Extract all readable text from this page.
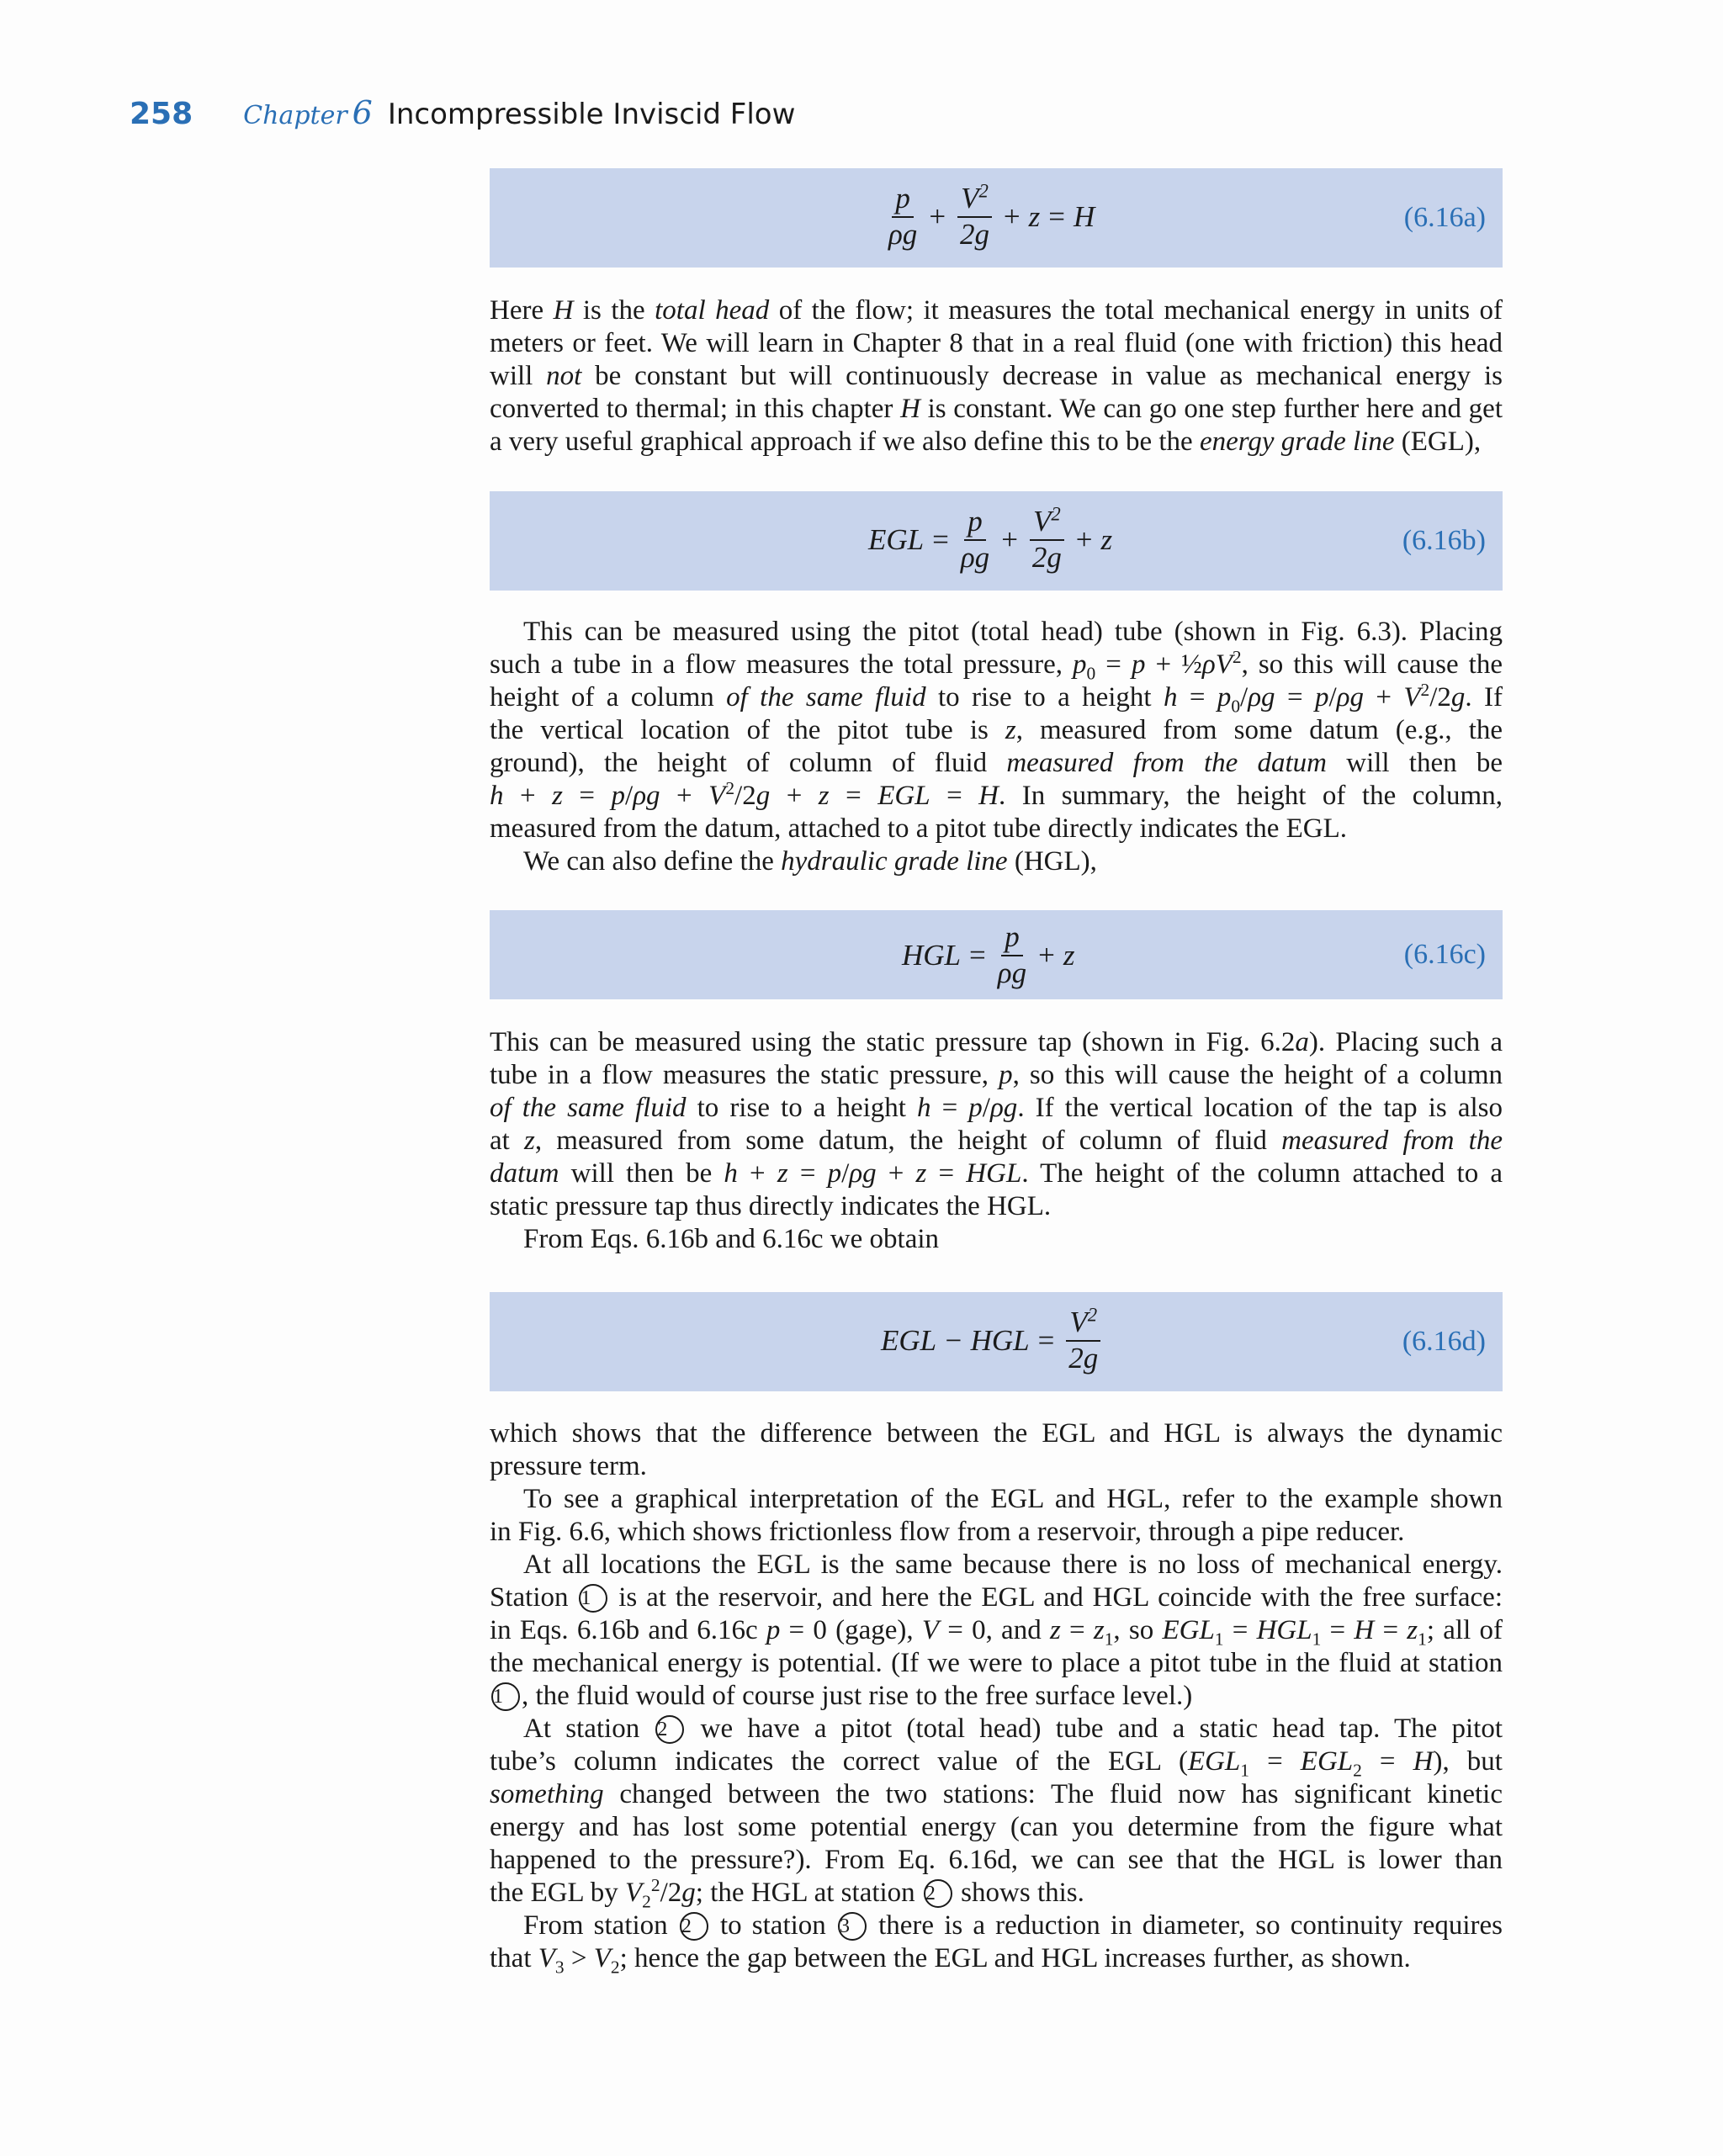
258 Chapter 6 Incompressible Inviscid Flow
$\frac{p}{\rho g} + \frac{V^2}{2g} + z = H$	(6.16a)
Here H is the total head of the flow; it measures the total mechanical energy in units of
meters or feet. We will learn in Chapter 8 that in a real fluid (one with friction) this head
will not be constant but will continuously decrease in value as mechanical energy is
converted to thermal; in this chapter H is constant. We can go one step further here and get
a very useful graphical approach if we also define this to be the energy grade line (EGL),
EGL = $\frac{p}{\rho g} + \frac{V^2}{2g} + z$	(6.16b)
This can be measured using the pitot (total head) tube (shown in Fig. 6.3). Placing
such a tube in a flow measures the total pressure, $p_0 = p$ + $\frac{1}{2}\rho V^2$, so this will cause the
height of a column of the same fluid to rise to a height $h = p_0/\rho g = p/\rho g + V^2/2g$. If
the vertical location of the pitot tube is z, measured from some datum (e.g., the
ground), the height of column of fluid measured from the datum will then be
$h + z = p/\rho g + V^2/2g + z$ = EGL = H. In summary, the height of the column,
measured from the datum, attached to a pitot tube directly indicates the EGL.
We can also define the hydraulic grade line (HGL),
HGL = $\frac{p}{\rho g} + z$	(6.16c)
This can be measured using the static pressure tap (shown in Fig. 6.2a). Placing such a
tube in a flow measures the static pressure, p, so this will cause the height of a column
of the same fluid to rise to a height h = p/ρg. If the vertical location of the tap is also
at z, measured from some datum, the height of column of fluid measured from the
datum will then be h + z = p/ρg + z = HGL. The height of the column attached to a
static pressure tap thus directly indicates the HGL.
From Eqs. 6.16b and 6.16c we obtain
EGL − HGL = $\frac{V^2}{2g}$	(6.16d)
which shows that the difference between the EGL and HGL is always the dynamic
pressure term.
To see a graphical interpretation of the EGL and HGL, refer to the example shown
in Fig. 6.6, which shows frictionless flow from a reservoir, through a pipe reducer.
At all locations the EGL is the same because there is no loss of mechanical energy.
Station 1 is at the reservoir, and here the EGL and HGL coincide with the free surface:
in Eqs. 6.16b and 6.16c p = 0 (gage), V = 0, and $z = z_1$, so $EGL_1 = HGL_1 = H = z_1$; all of
the mechanical energy is potential. (If we were to place a pitot tube in the fluid at station
1 , the fluid would of course just rise to the free surface level.)
At station 2 we have a pitot (total head) tube and a static head tap. The pitot
tube’s column indicates the correct value of the EGL $(EGL_1 = EGL_2 = H)$, but
something changed between the two stations: The fluid now has significant kinetic
energy and has lost some potential energy (can you determine from the figure what
happened to the pressure?). From Eq. 6.16d, we can see that the HGL is lower than
the EGL by $V_2^2/2g$; the HGL at station 2 shows this.
From station 2 to station 3 there is a reduction in diameter, so continuity requires
that $V_3 > V_2$; hence the gap between the EGL and HGL increases further, as shown.
